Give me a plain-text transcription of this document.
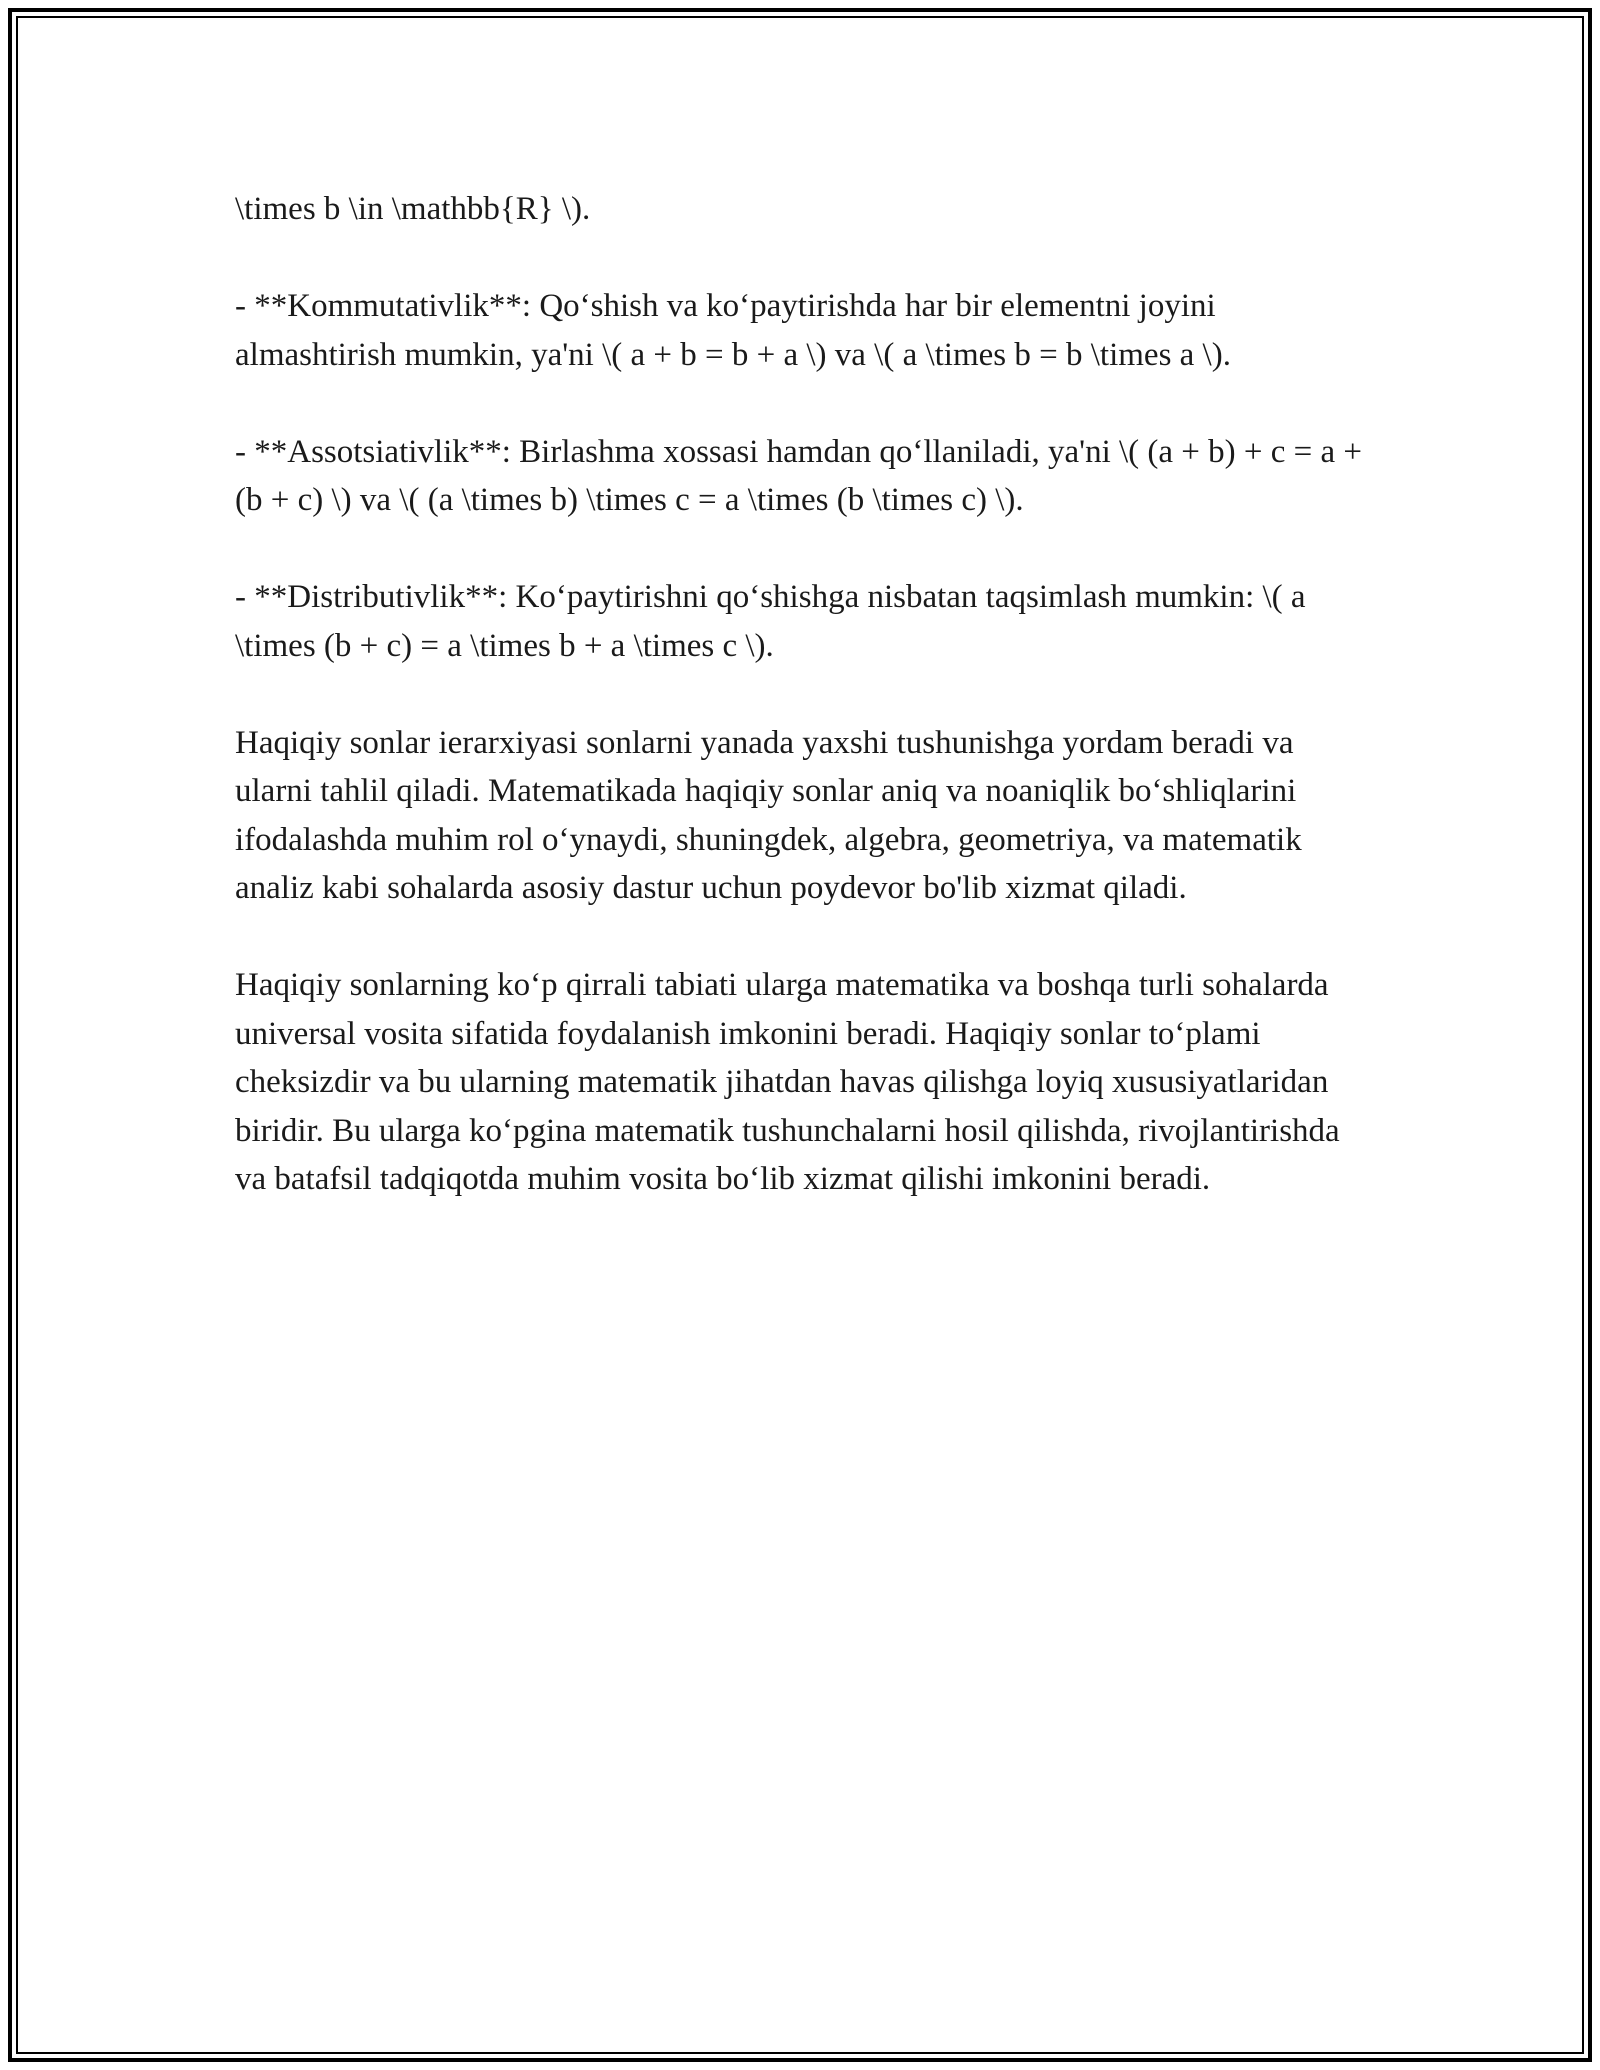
\times b \in \mathbb{R} \).

- **Kommutativlik**: Qo‘shish va ko‘paytirishda har bir elementni joyini almashtirish mumkin, ya'ni \( a + b = b + a \) va \( a \times b = b \times a \).

- **Assotsiativlik**: Birlashma xossasi hamdan qo‘llaniladi, ya'ni \( (a + b) + c = a + (b + c) \) va \( (a \times b) \times c = a \times (b \times c) \).

- **Distributivlik**: Ko‘paytirishni qo‘shishga nisbatan taqsimlash mumkin: \( a \times (b + c) = a \times b + a \times c \).

Haqiqiy sonlar ierarxiyasi sonlarni yanada yaxshi tushunishga yordam beradi va ularni tahlil qiladi. Matematikada haqiqiy sonlar aniq va noaniqlik bo‘shliqlarini ifodalashda muhim rol o‘ynaydi, shuningdek, algebra, geometriya, va matematik analiz kabi sohalarda asosiy dastur uchun poydevor bo'lib xizmat qiladi.

Haqiqiy sonlarning ko‘p qirrali tabiati ularga matematika va boshqa turli sohalarda universal vosita sifatida foydalanish imkonini beradi. Haqiqiy sonlar to‘plami cheksizdir va bu ularning matematik jihatdan havas qilishga loyiq xususiyatlaridan biridir. Bu ularga ko‘pgina matematik tushunchalarni hosil qilishda, rivojlantirishda va batafsil tadqiqotda muhim vosita bo‘lib xizmat qilishi imkonini beradi.
